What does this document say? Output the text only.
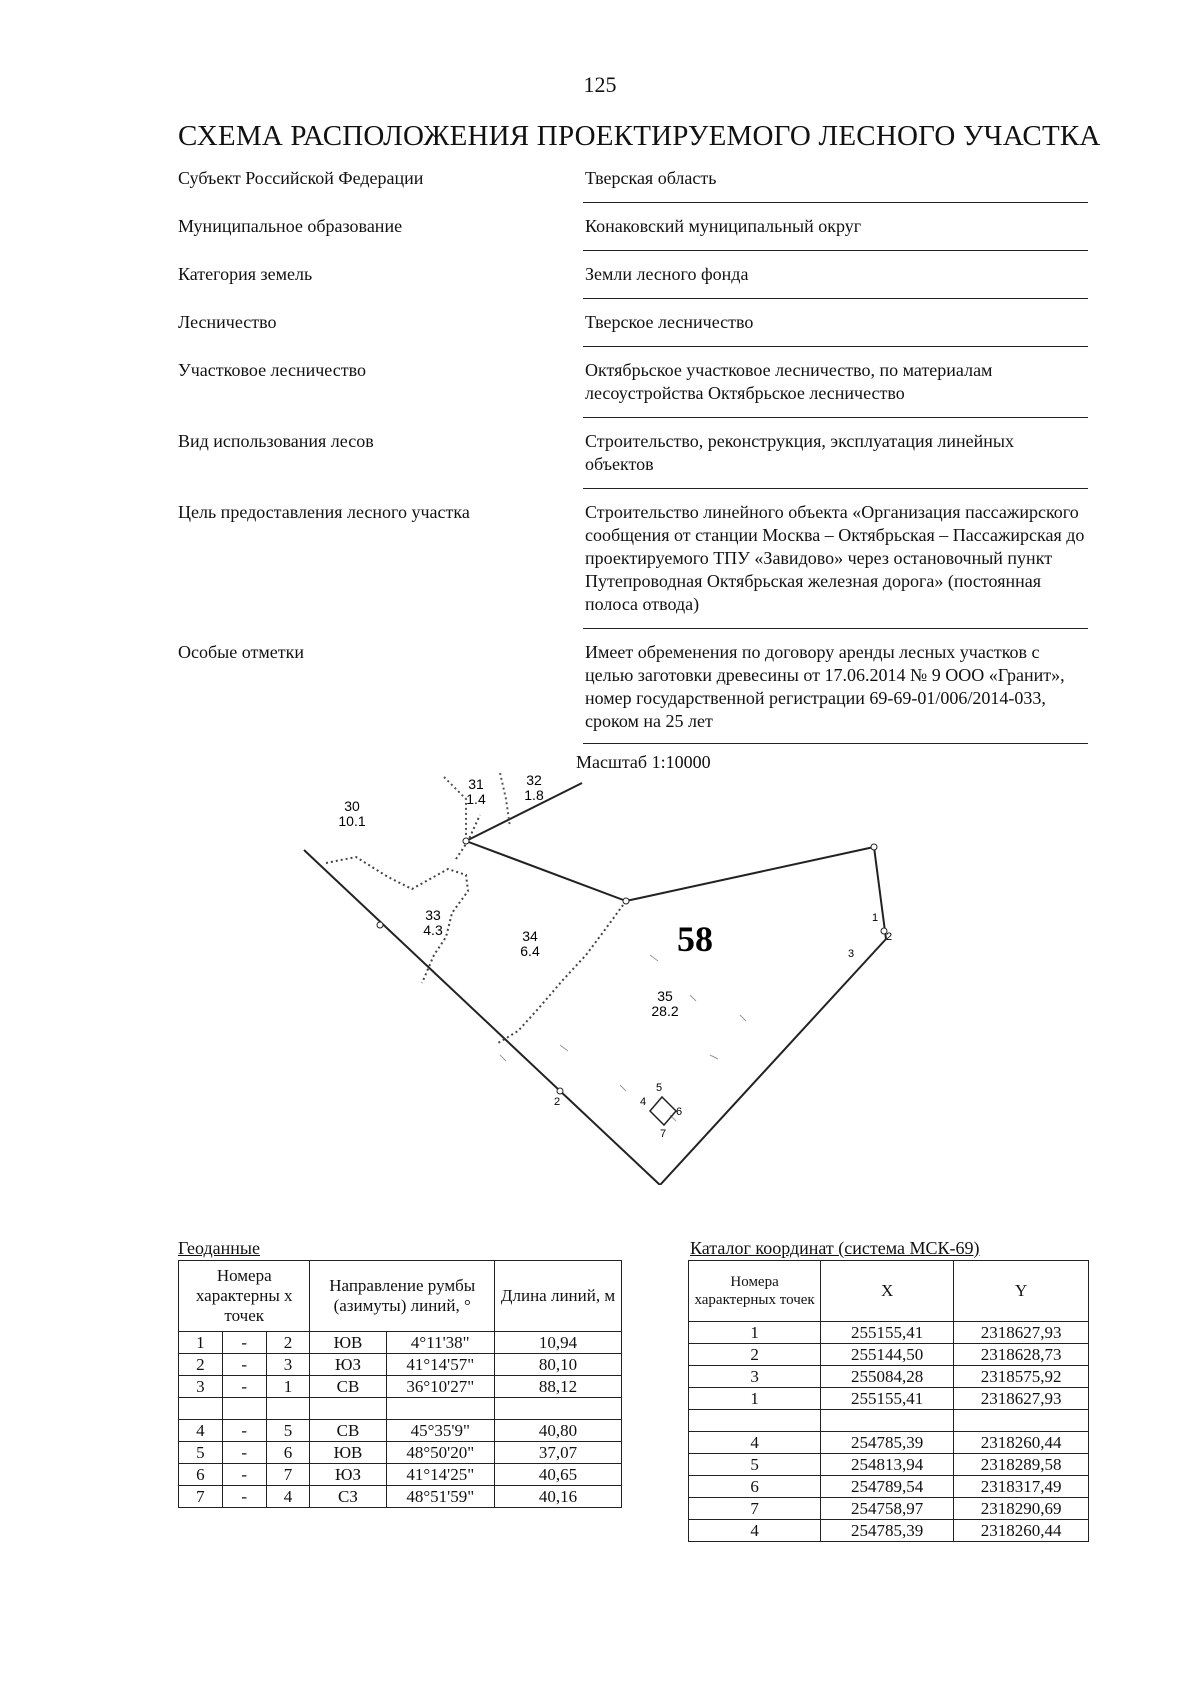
125
СХЕМА РАСПОЛОЖЕНИЯ ПРОЕКТИРУЕМОГО ЛЕСНОГО УЧАСТКА
Субъект Российской Федерации	Тверская область
Муниципальное образование	Конаковский муниципальный округ
Категория земель	Земли лесного фонда
Лесничество	Тверское лесничество
Участковое лесничество	Октябрьское участковое лесничество, по материалам лесоустройства Октябрьское лесничество
Вид использования лесов	Строительство, реконструкция, эксплуатация линейных объектов
Цель предоставления лесного участка	Строительство линейного объекта «Организация пассажирского сообщения от станции Москва – Октябрьская – Пассажирская до проектируемого ТПУ «Завидово» через остановочный пункт Путепроводная Октябрьская железная дорога» (постоянная полоса отвода)
Особые отметки	Имеет обременения по договору аренды лесных участков с целью заготовки древесины от 17.06.2014 № 9 ООО «Гранит», номер государственной регистрации 69-69-01/006/2014-033, сроком на 25 лет
Масштаб 1:10000
30
10.1
31
1.4
32
1.8
33
4.3	34
6.4
35
28.2
58
1
2
3
4
5
6
7
2
Геоданные
Номера характерны х точек			Направление румбы (азимуты) линий, °		Длина линий, м
1	-	2	ЮВ	4°11'38"	10,94
2	-	3	ЮЗ	41°14'57"	80,10
3	-	1	СВ	36°10'27"	88,12

4	-	5	СВ	45°35'9"	40,80
5	-	6	ЮВ	48°50'20"	37,07
6	-	7	ЮЗ	41°14'25"	40,65
7	-	4	СЗ	48°51'59"	40,16
Каталог координат (система МСК-69)
Номера характерных точек	X	Y
1	255155,41	2318627,93
2	255144,50	2318628,73
3	255084,28	2318575,92
1	255155,41	2318627,93

4	254785,39	2318260,44
5	254813,94	2318289,58
6	254789,54	2318317,49
7	254758,97	2318290,69
4	254785,39	2318260,44
